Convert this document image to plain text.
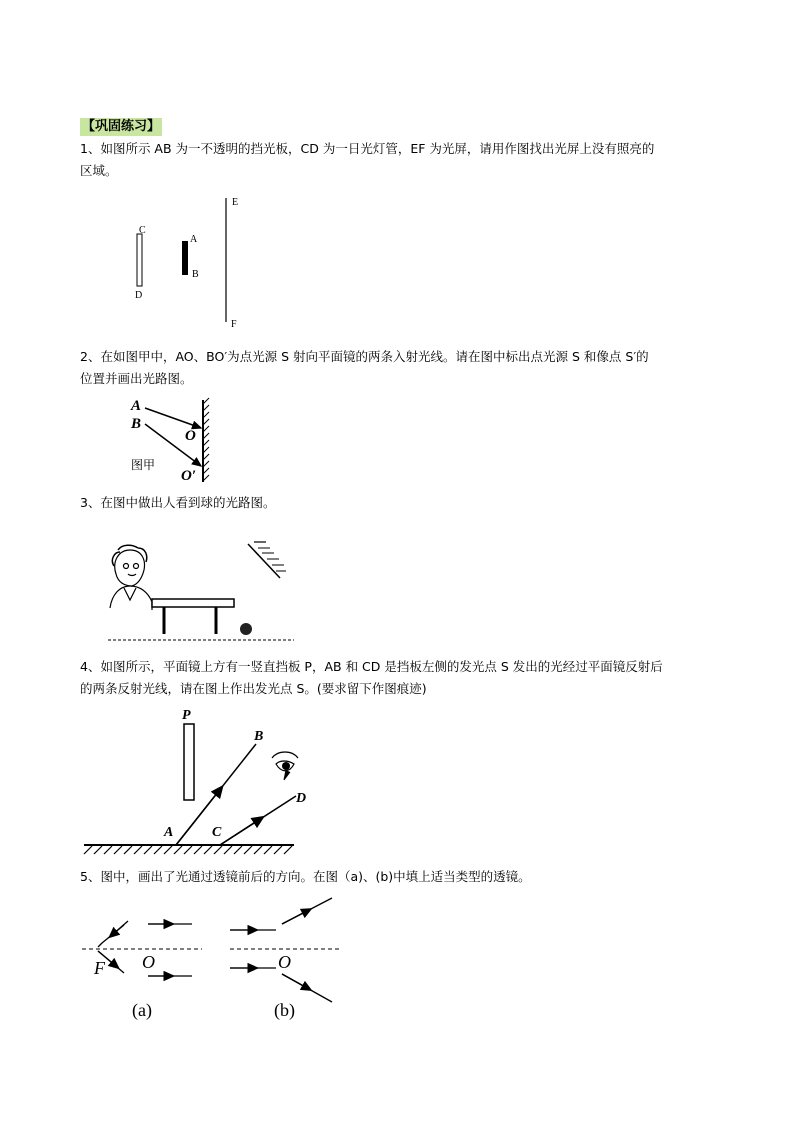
【巩固练习】
1、如图所示 AB 为一不透明的挡光板，CD 为一日光灯管，EF 为光屏，请用作图找出光屏上没有照亮的
区域。
C
D
A
B
E
F
2、在如图甲中，AO、BO′为点光源 S 射向平面镜的两条入射光线。请在图中标出点光源 S 和像点 S′的
位置并画出光路图。
A
B
O
O′
图甲
3、在图中做出人看到球的光路图。
4、如图所示，平面镜上方有一竖直挡板 P，AB 和 CD 是挡板左侧的发光点 S 发出的光经过平面镜反射后
的两条反射光线，请在图上作出发光点 S。(要求留下作图痕迹)
P
A
B
C
D
5、图中，画出了光通过透镜前后的方向。在图（a)、(b)中填上适当类型的透镜。
F O
(a)
O
(b)
